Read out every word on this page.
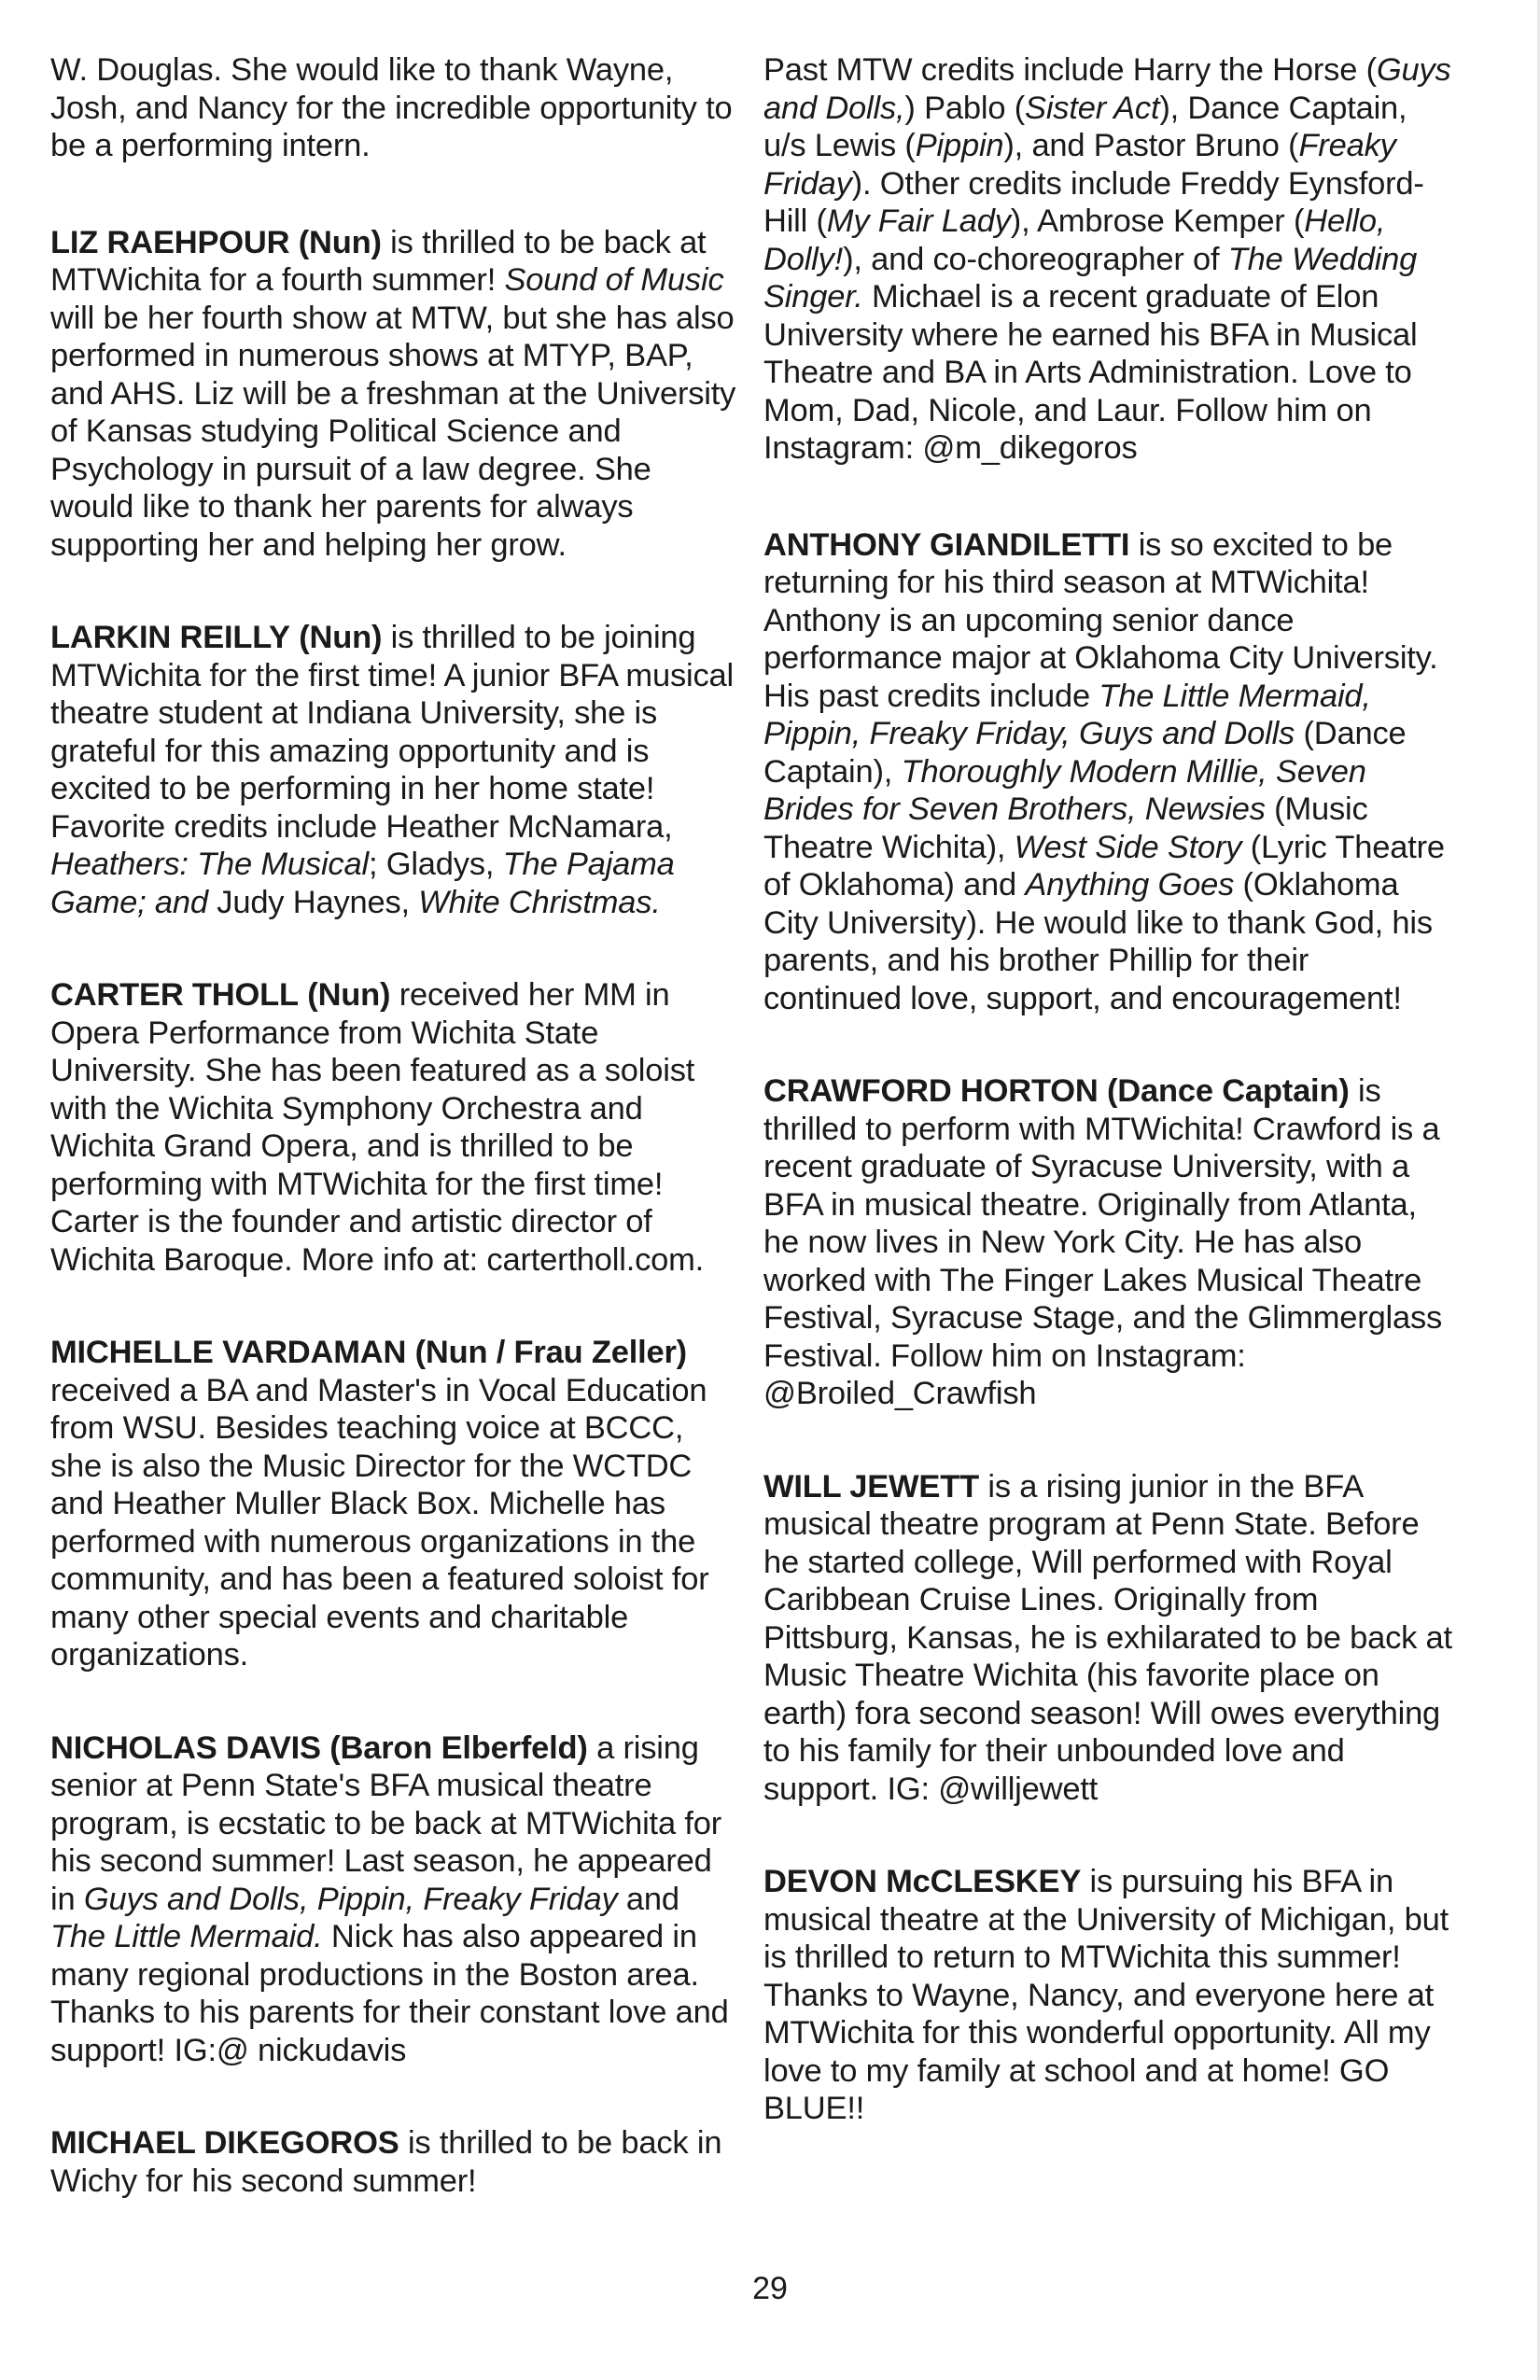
W. Douglas. She would like to thank Wayne, Josh, and Nancy for the incredible opportunity to be a performing intern.

LIZ RAEHPOUR (Nun) is thrilled to be back at MTWichita for a fourth summer! Sound of Music will be her fourth show at MTW, but she has also performed in numerous shows at MTYP, BAP, and AHS. Liz will be a freshman at the University of Kansas studying Political Science and Psychology in pursuit of a law degree. She would like to thank her parents for always supporting her and helping her grow.

LARKIN REILLY (Nun) is thrilled to be joining MTWichita for the first time! A junior BFA musical theatre student at Indiana University, she is grateful for this amazing opportunity and is excited to be performing in her home state! Favorite credits include Heather McNamara, Heathers: The Musical; Gladys, The Pajama Game; and Judy Haynes, White Christmas.

CARTER THOLL (Nun) received her MM in Opera Performance from Wichita State University. She has been featured as a soloist with the Wichita Symphony Orchestra and Wichita Grand Opera, and is thrilled to be performing with MTWichita for the first time! Carter is the founder and artistic director of Wichita Baroque. More info at: cartertholl.com.

MICHELLE VARDAMAN (Nun / Frau Zeller) received a BA and Master's in Vocal Education from WSU. Besides teaching voice at BCCC, she is also the Music Director for the WCTDC and Heather Muller Black Box. Michelle has performed with numerous organizations in the community, and has been a featured soloist for many other special events and charitable organizations.

NICHOLAS DAVIS (Baron Elberfeld) a rising senior at Penn State's BFA musical theatre program, is ecstatic to be back at MTWichita for his second summer! Last season, he appeared in Guys and Dolls, Pippin, Freaky Friday and The Little Mermaid. Nick has also appeared in many regional productions in the Boston area. Thanks to his parents for their constant love and support! IG:@ nickudavis

MICHAEL DIKEGOROS is thrilled to be back in Wichy for his second summer!

Past MTW credits include Harry the Horse (Guys and Dolls,) Pablo (Sister Act), Dance Captain, u/s Lewis (Pippin), and Pastor Bruno (Freaky Friday). Other credits include Freddy Eynsford-Hill (My Fair Lady), Ambrose Kemper (Hello, Dolly!), and co-choreographer of The Wedding Singer. Michael is a recent graduate of Elon University where he earned his BFA in Musical Theatre and BA in Arts Administration. Love to Mom, Dad, Nicole, and Laur. Follow him on Instagram: @m_dikegoros

ANTHONY GIANDILETTI is so excited to be returning for his third season at MTWichita! Anthony is an upcoming senior dance performance major at Oklahoma City University. His past credits include The Little Mermaid, Pippin, Freaky Friday, Guys and Dolls (Dance Captain), Thoroughly Modern Millie, Seven Brides for Seven Brothers, Newsies (Music Theatre Wichita), West Side Story (Lyric Theatre of Oklahoma) and Anything Goes (Oklahoma City University). He would like to thank God, his parents, and his brother Phillip for their continued love, support, and encouragement!

CRAWFORD HORTON (Dance Captain) is thrilled to perform with MTWichita! Crawford is a recent graduate of Syracuse University, with a BFA in musical theatre. Originally from Atlanta, he now lives in New York City. He has also worked with The Finger Lakes Musical Theatre Festival, Syracuse Stage, and the Glimmerglass Festival. Follow him on Instagram: @Broiled_Crawfish

WILL JEWETT is a rising junior in the BFA musical theatre program at Penn State. Before he started college, Will performed with Royal Caribbean Cruise Lines. Originally from Pittsburg, Kansas, he is exhilarated to be back at Music Theatre Wichita (his favorite place on earth) fora second season! Will owes everything to his family for their unbounded love and support. IG: @willjewett

DEVON McCLESKEY is pursuing his BFA in musical theatre at the University of Michigan, but is thrilled to return to MTWichita this summer! Thanks to Wayne, Nancy, and everyone here at MTWichita for this wonderful opportunity. All my love to my family at school and at home! GO BLUE!!

29
